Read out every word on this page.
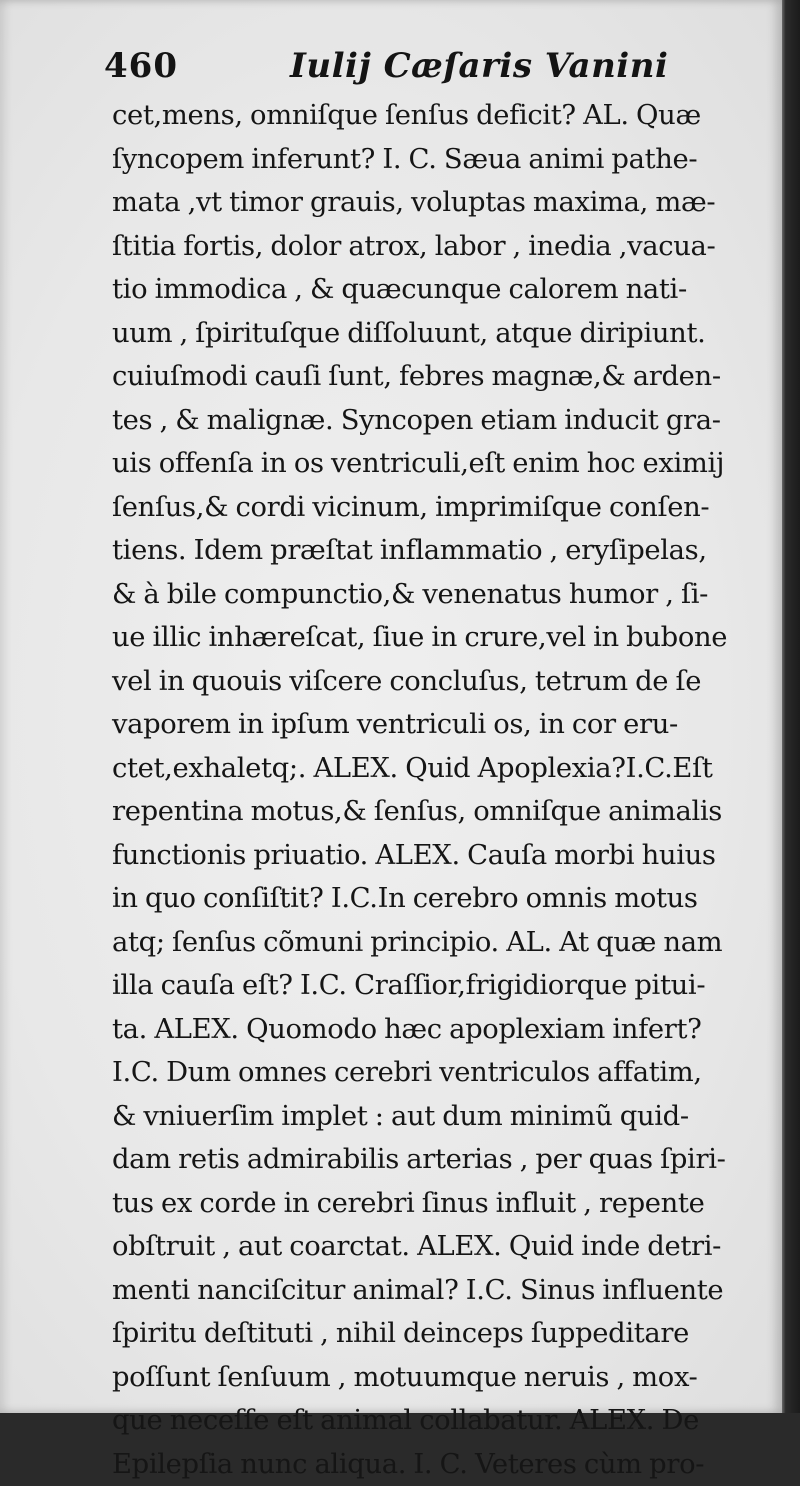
460	Iulij Cæſaris Vanini
cet,mens, omniſque ſenſus deficit? AL. Quæ
ſyncopem inferunt? I. C. Sæua animi pathe-
mata ,vt timor grauis, voluptas maxima, mæ-
ſtitia fortis, dolor atrox, labor , inedia ,vacua-
tio immodica , & quæcunque calorem nati-
uum , ſpirituſque diſſoluunt, atque diripiunt.
cuiuſmodi cauſi ſunt, febres magnæ,& arden-
tes , & malignæ. Syncopen etiam inducit gra-
uis offenſa in os ventriculi,eſt enim hoc eximij
ſenſus,& cordi vicinum, imprimiſque conſen-
tiens. Idem præſtat inflammatio , eryſipelas,
& à bile compunctio,& venenatus humor , ſi-
ue illic inhæreſcat, ſiue in crure,vel in bubone
vel in quouis viſcere concluſus, tetrum de ſe
vaporem in ipſum ventriculi os, in cor eru-
ctet,exhaletq;. ALEX. Quid Apoplexia?I.C.Eſt
repentina motus,& ſenſus, omniſque animalis
functionis priuatio. ALEX. Cauſa morbi huius
in quo conſiſtit? I.C.In cerebro omnis motus
atq; ſenſus cõmuni principio. AL. At quæ nam
illa cauſa eſt? I.C. Craſſior,frigidiorque pitui-
ta. ALEX. Quomodo hæc apoplexiam infert?
I.C. Dum omnes cerebri ventriculos affatim,
& vniuerſim implet : aut dum minimũ quid-
dam retis admirabilis arterias , per quas ſpiri-
tus ex corde in cerebri ſinus influit , repente
obſtruit , aut coarctat. ALEX. Quid inde detri-
menti nanciſcitur animal? I.C. Sinus influente
ſpiritu deſtituti , nihil deinceps ſuppeditare
poſſunt ſenſuum , motuumque neruis , mox-
que neceſſe eſt animal collabatur. ALEX. De
Epilepſia nunc aliqua. I. C. Veteres cùm pro-
